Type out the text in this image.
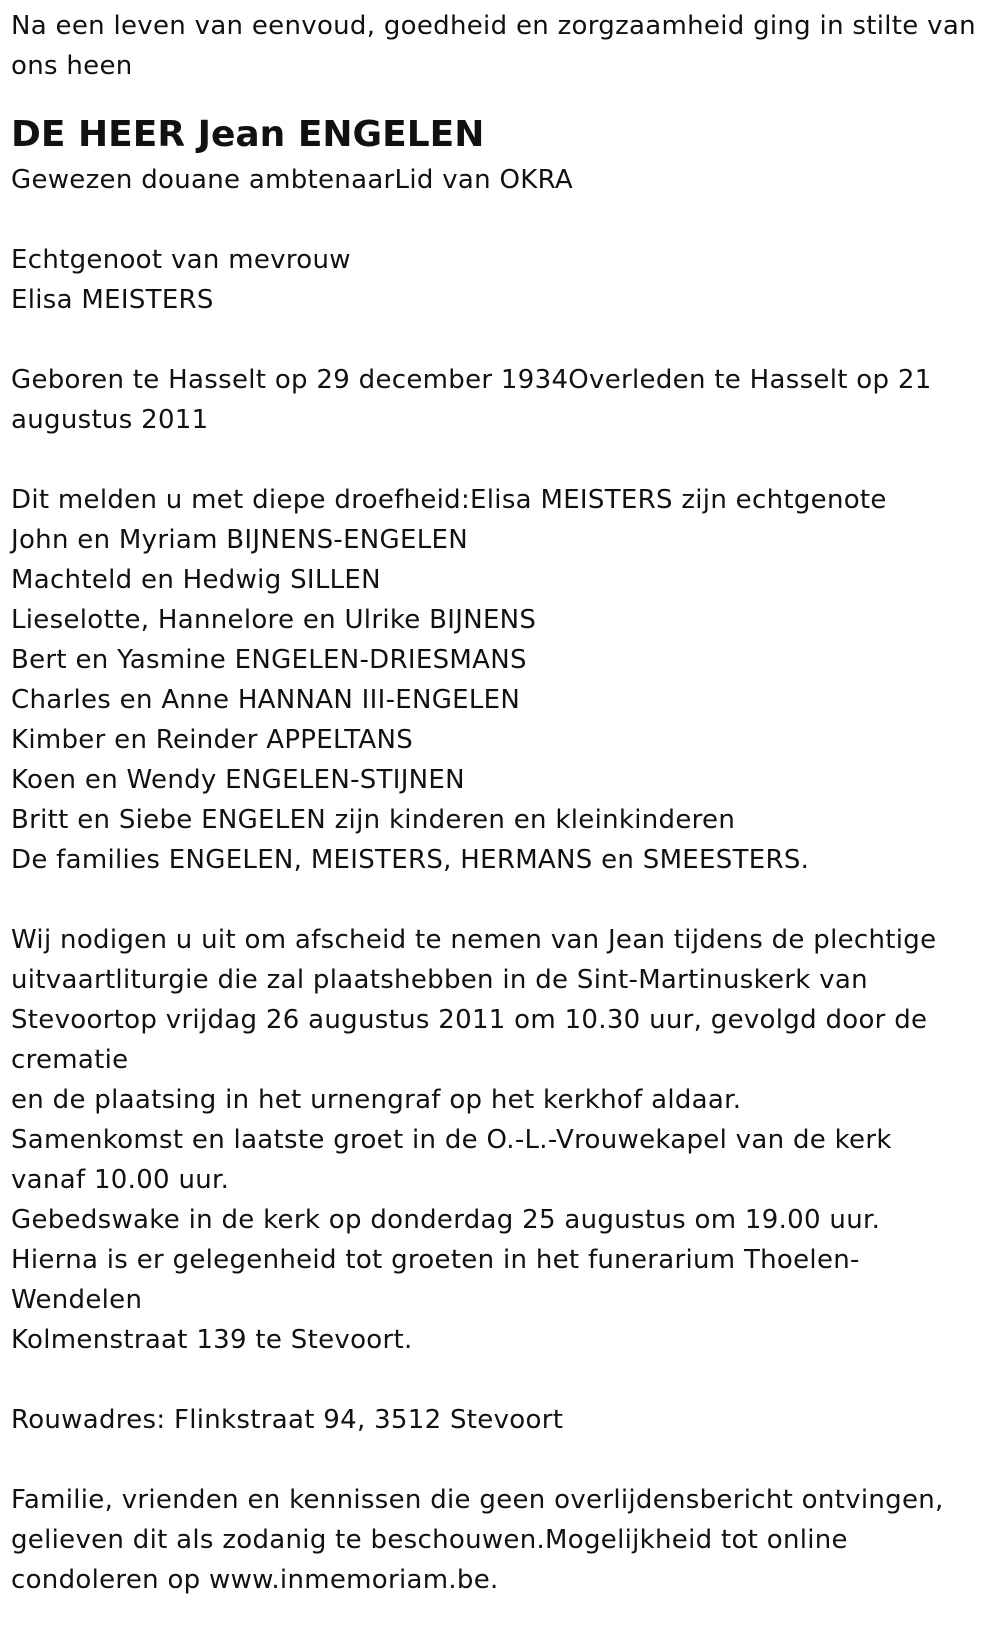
Na een leven van eenvoud, goedheid en zorgzaamheid ging in stilte van
ons heen
DE HEER Jean ENGELEN
Gewezen douane ambtenaarLid van OKRA
Echtgenoot van mevrouw
Elisa MEISTERS
Geboren te Hasselt op 29 december 1934Overleden te Hasselt op 21
augustus 2011
Dit melden u met diepe droefheid:Elisa MEISTERS zijn echtgenote
John en Myriam BIJNENS-ENGELEN
Machteld en Hedwig SILLEN
Lieselotte, Hannelore en Ulrike BIJNENS
Bert en Yasmine ENGELEN-DRIESMANS
Charles en Anne HANNAN III-ENGELEN
Kimber en Reinder APPELTANS
Koen en Wendy ENGELEN-STIJNEN
Britt en Siebe ENGELEN zijn kinderen en kleinkinderen
De families ENGELEN, MEISTERS, HERMANS en SMEESTERS.
Wij nodigen u uit om afscheid te nemen van Jean tijdens de plechtige
uitvaartliturgie die zal plaatshebben in de Sint-Martinuskerk van
Stevoortop vrijdag 26 augustus 2011 om 10.30 uur, gevolgd door de
crematie
en de plaatsing in het urnengraf op het kerkhof aldaar.
Samenkomst en laatste groet in de O.-L.-Vrouwekapel van de kerk
vanaf 10.00 uur.
Gebedswake in de kerk op donderdag 25 augustus om 19.00 uur.
Hierna is er gelegenheid tot groeten in het funerarium Thoelen-
Wendelen
Kolmenstraat 139 te Stevoort.
Rouwadres: Flinkstraat 94, 3512 Stevoort
Familie, vrienden en kennissen die geen overlijdensbericht ontvingen,
gelieven dit als zodanig te beschouwen.Mogelijkheid tot online
condoleren op www.inmemoriam.be.
